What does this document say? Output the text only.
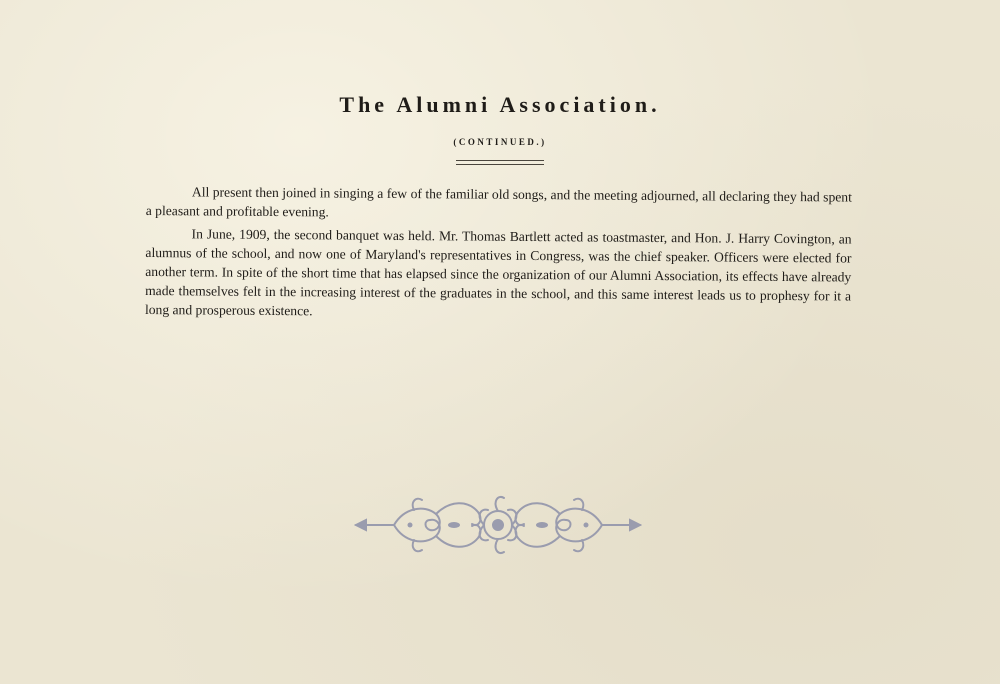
The Alumni Association.
(CONTINUED.)

All present then joined in singing a few of the familiar old songs, and the meeting adjourned, all declaring they had spent a pleasant and profitable evening.

In June, 1909, the second banquet was held. Mr. Thomas Bartlett acted as toastmaster, and Hon. J. Harry Covington, an alumnus of the school, and now one of Maryland's representatives in Congress, was the chief speaker. Officers were elected for another term. In spite of the short time that has elapsed since the organization of our Alumni Association, its effects have already made themselves felt in the increasing interest of the graduates in the school, and this same interest leads us to prophesy for it a long and prosperous existence.
